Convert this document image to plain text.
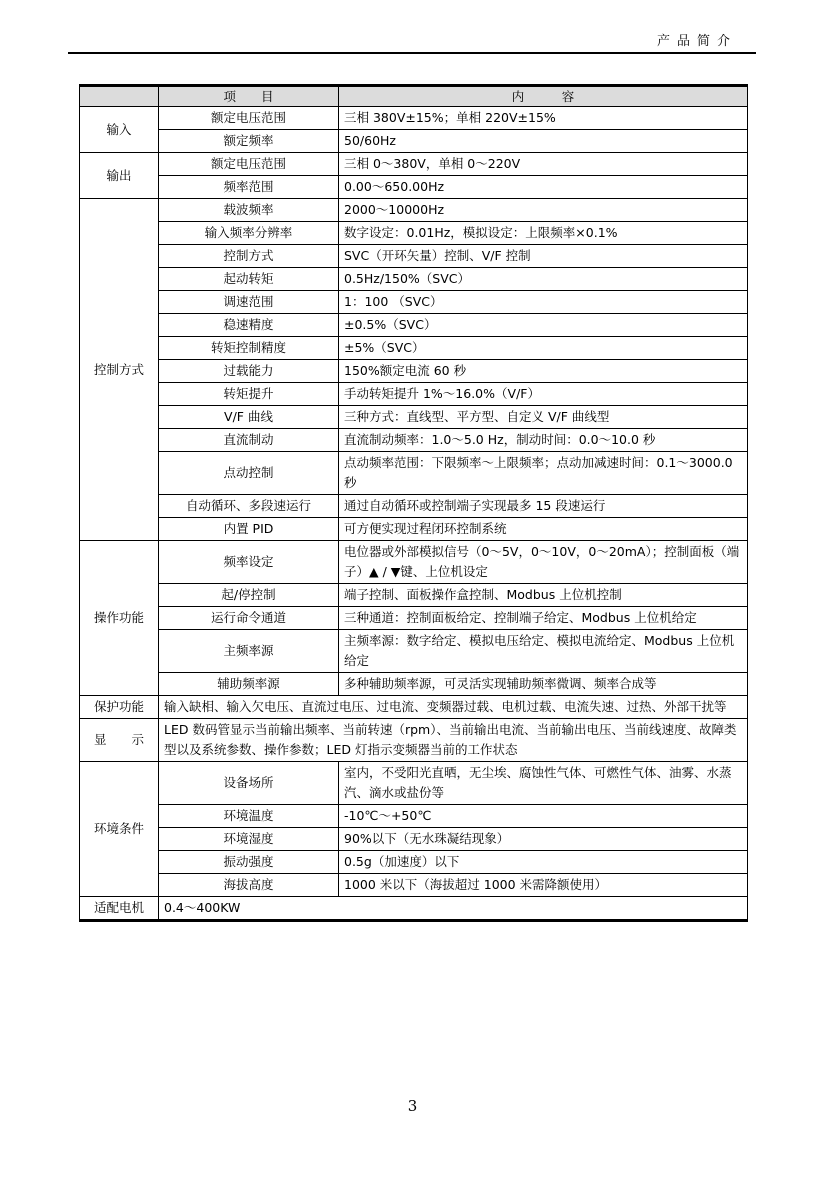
产品简介
	项　　目	内　　　容
输入	额定电压范围	三相 380V±15%；单相 220V±15%
	额定频率	50/60Hz
输出	额定电压范围	三相 0～380V，单相 0～220V
	频率范围	0.00～650.00Hz
控制方式	载波频率	2000～10000Hz
	输入频率分辨率	数字设定：0.01Hz，模拟设定：上限频率×0.1%
	控制方式	SVC（开环矢量）控制、V/F 控制
	起动转矩	0.5Hz/150%（SVC）
	调速范围	1：100 （SVC）
	稳速精度	±0.5%（SVC）
	转矩控制精度	±5%（SVC）
	过载能力	150%额定电流 60 秒
	转矩提升	手动转矩提升 1%～16.0%（V/F）
	V/F 曲线	三种方式：直线型、平方型、自定义 V/F 曲线型
	直流制动	直流制动频率：1.0～5.0 Hz，制动时间：0.0～10.0 秒
	点动控制	点动频率范围：下限频率～上限频率；点动加减速时间：0.1～3000.0 秒
	自动循环、多段速运行	通过自动循环或控制端子实现最多 15 段速运行
	内置 PID	可方便实现过程闭环控制系统
操作功能	频率设定	电位器或外部模拟信号（0～5V，0～10V，0～20mA）；控制面板（端子）▲ / ▼键、上位机设定
	起/停控制	端子控制、面板操作盒控制、Modbus 上位机控制
	运行命令通道	三种通道：控制面板给定、控制端子给定、Modbus 上位机给定
	主频率源	主频率源：数字给定、模拟电压给定、模拟电流给定、Modbus 上位机给定
	辅助频率源	多种辅助频率源，可灵活实现辅助频率微调、频率合成等
保护功能	输入缺相、输入欠电压、直流过电压、过电流、变频器过载、电机过载、电流失速、过热、外部干扰等	
显　　示	LED 数码管显示当前输出频率、当前转速（rpm）、当前输出电流、当前输出电压、当前线速度、故障类型以及系统参数、操作参数；LED 灯指示变频器当前的工作状态	
环境条件	设备场所	室内，不受阳光直晒，无尘埃、腐蚀性气体、可燃性气体、油雾、水蒸汽、滴水或盐份等
	环境温度	-10℃～+50℃
	环境湿度	90%以下（无水珠凝结现象）
	振动强度	0.5g（加速度）以下
	海拔高度	1000 米以下（海拔超过 1000 米需降额使用）
适配电机	0.4～400KW	
3
